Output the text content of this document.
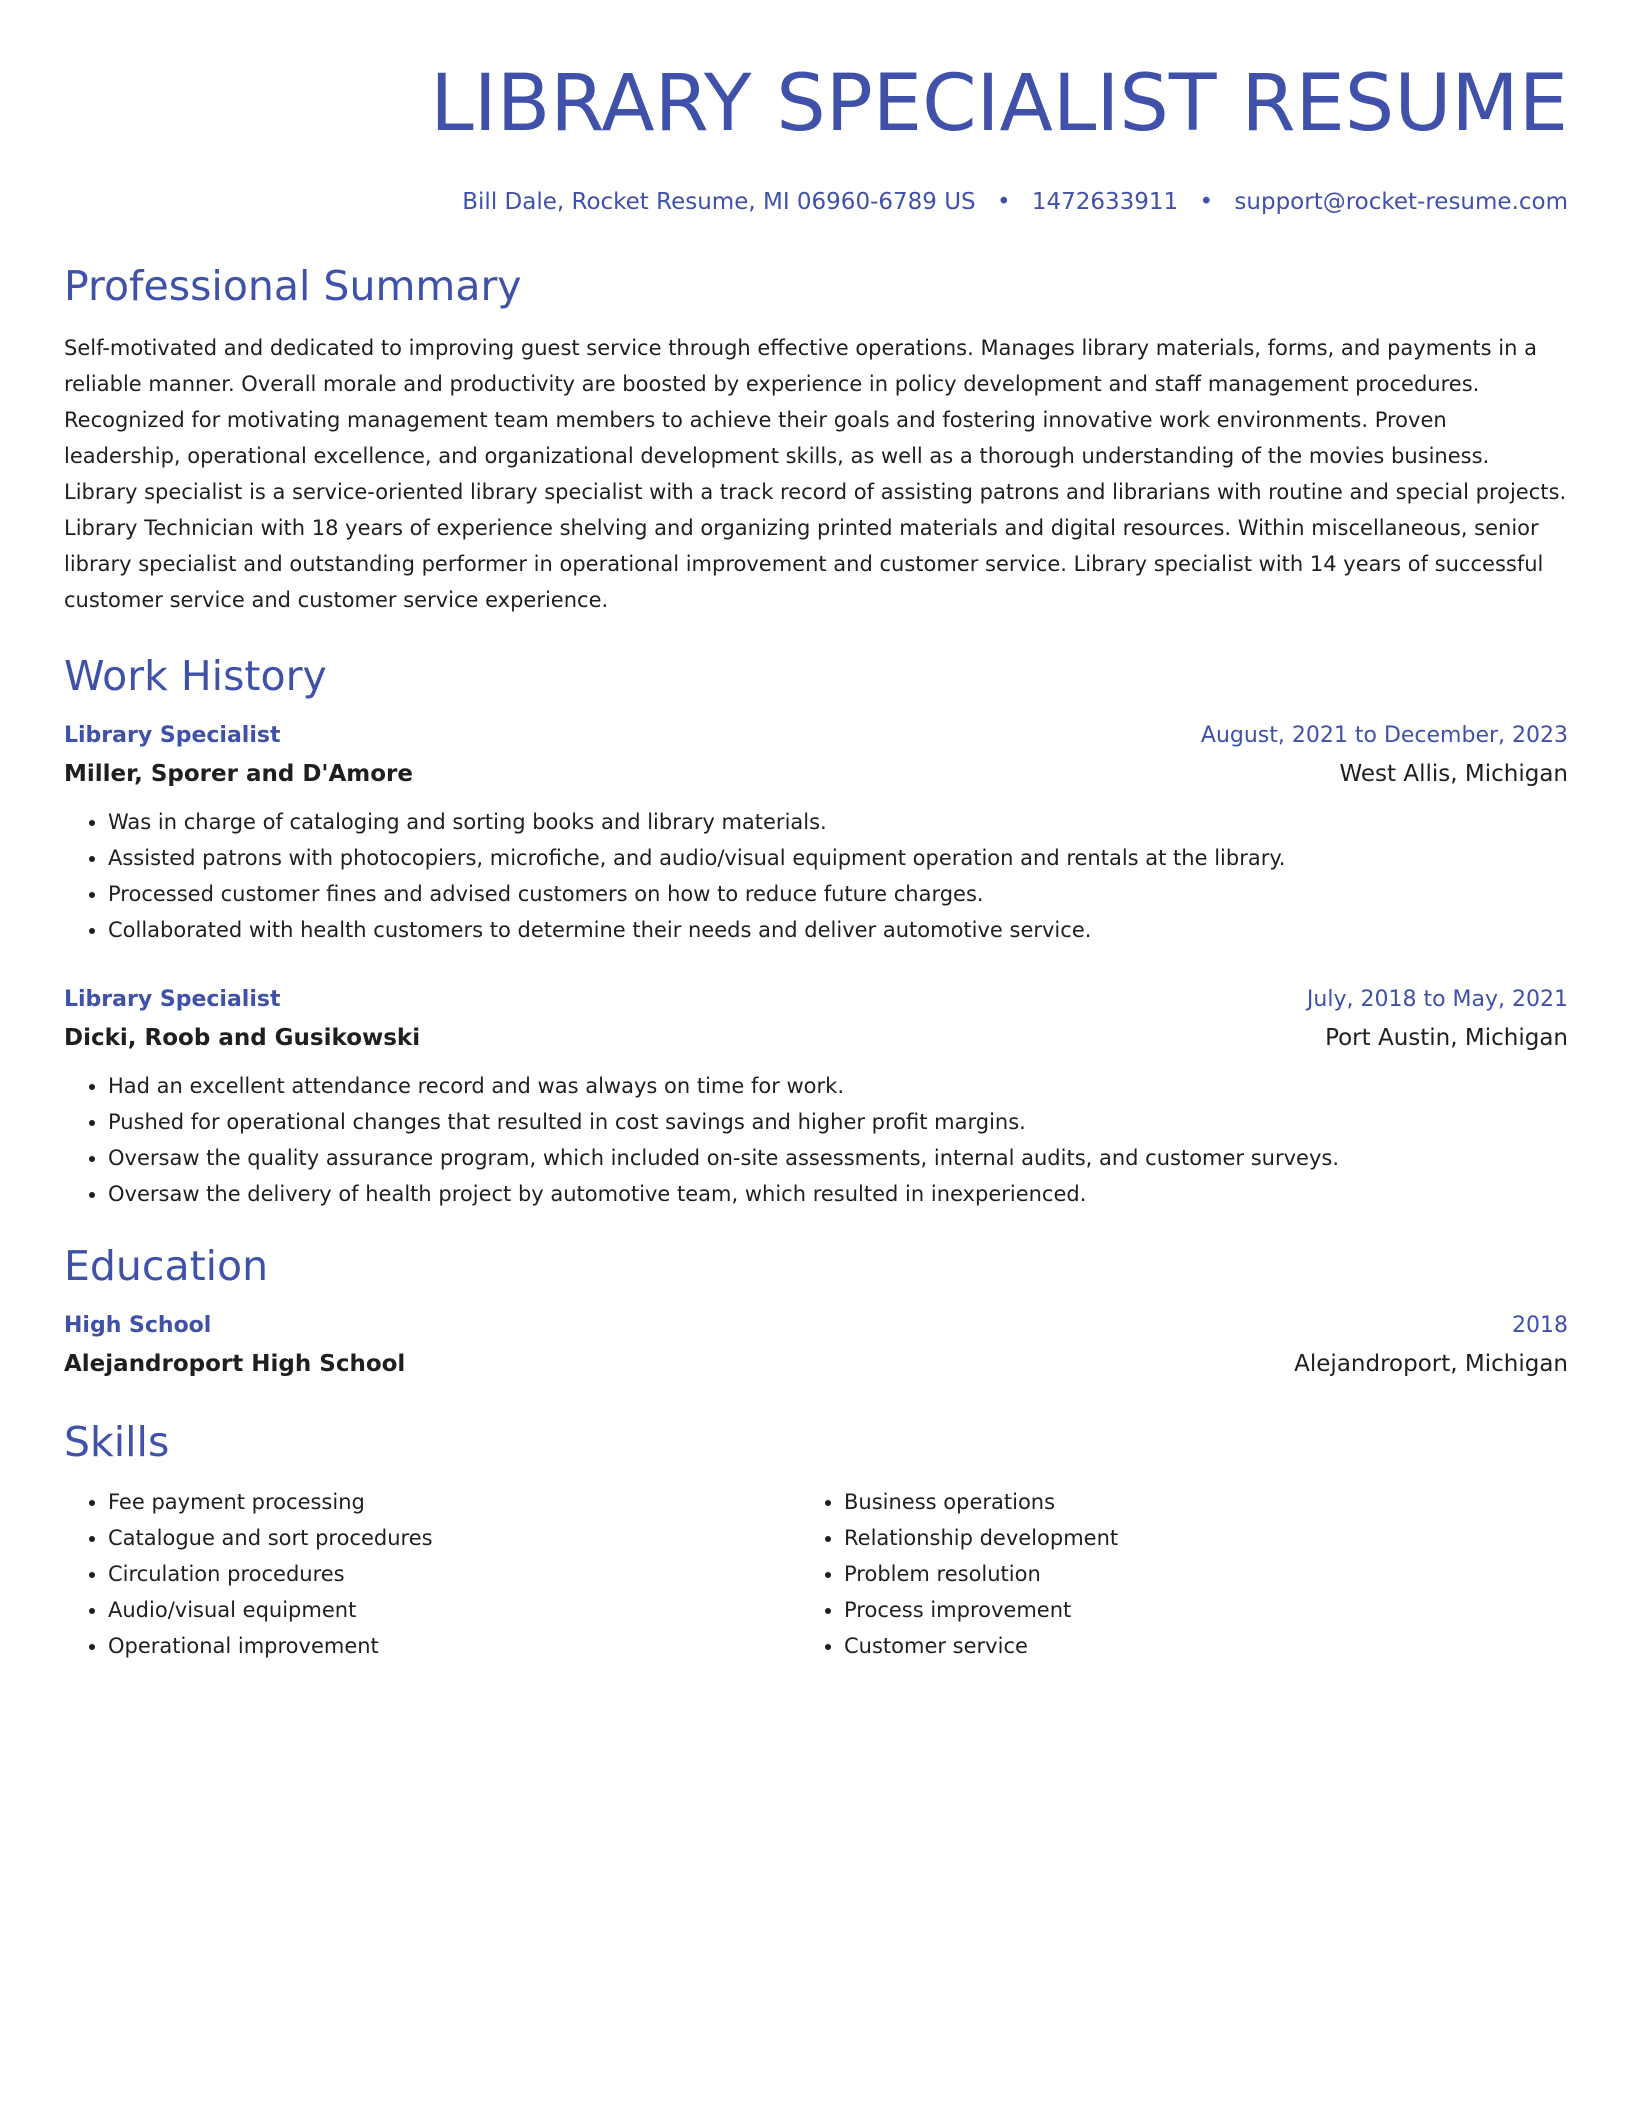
LIBRARY SPECIALIST RESUME
Bill Dale, Rocket Resume, MI 06960-6789 US • 1472633911 • support@rocket-resume.com
Professional Summary

Self-motivated and dedicated to improving guest service through effective operations. Manages library materials, forms, and payments in a reliable manner. Overall morale and productivity are boosted by experience in policy development and staff management procedures. Recognized for motivating management team members to achieve their goals and fostering innovative work environments. Proven leadership, operational excellence, and organizational development skills, as well as a thorough understanding of the movies business. Library specialist is a service-oriented library specialist with a track record of assisting patrons and librarians with routine and special projects. Library Technician with 18 years of experience shelving and organizing printed materials and digital resources. Within miscellaneous, senior library specialist and outstanding performer in operational improvement and customer service. Library specialist with 14 years of successful customer service and customer service experience.

Work History
Library Specialist	August, 2021 to December, 2023
Miller, Sporer and D'Amore	West Allis, Michigan
• Was in charge of cataloging and sorting books and library materials.
• Assisted patrons with photocopiers, microfiche, and audio/visual equipment operation and rentals at the library.
• Processed customer fines and advised customers on how to reduce future charges.
• Collaborated with health customers to determine their needs and deliver automotive service.
Library Specialist	July, 2018 to May, 2021
Dicki, Roob and Gusikowski	Port Austin, Michigan
• Had an excellent attendance record and was always on time for work.
• Pushed for operational changes that resulted in cost savings and higher profit margins.
• Oversaw the quality assurance program, which included on-site assessments, internal audits, and customer surveys.
• Oversaw the delivery of health project by automotive team, which resulted in inexperienced.
Education
High School	2018
Alejandroport High School	Alejandroport, Michigan
Skills
• Fee payment processing
• Catalogue and sort procedures
• Circulation procedures
• Audio/visual equipment
• Operational improvement
• Business operations
• Relationship development
• Problem resolution
• Process improvement
• Customer service
